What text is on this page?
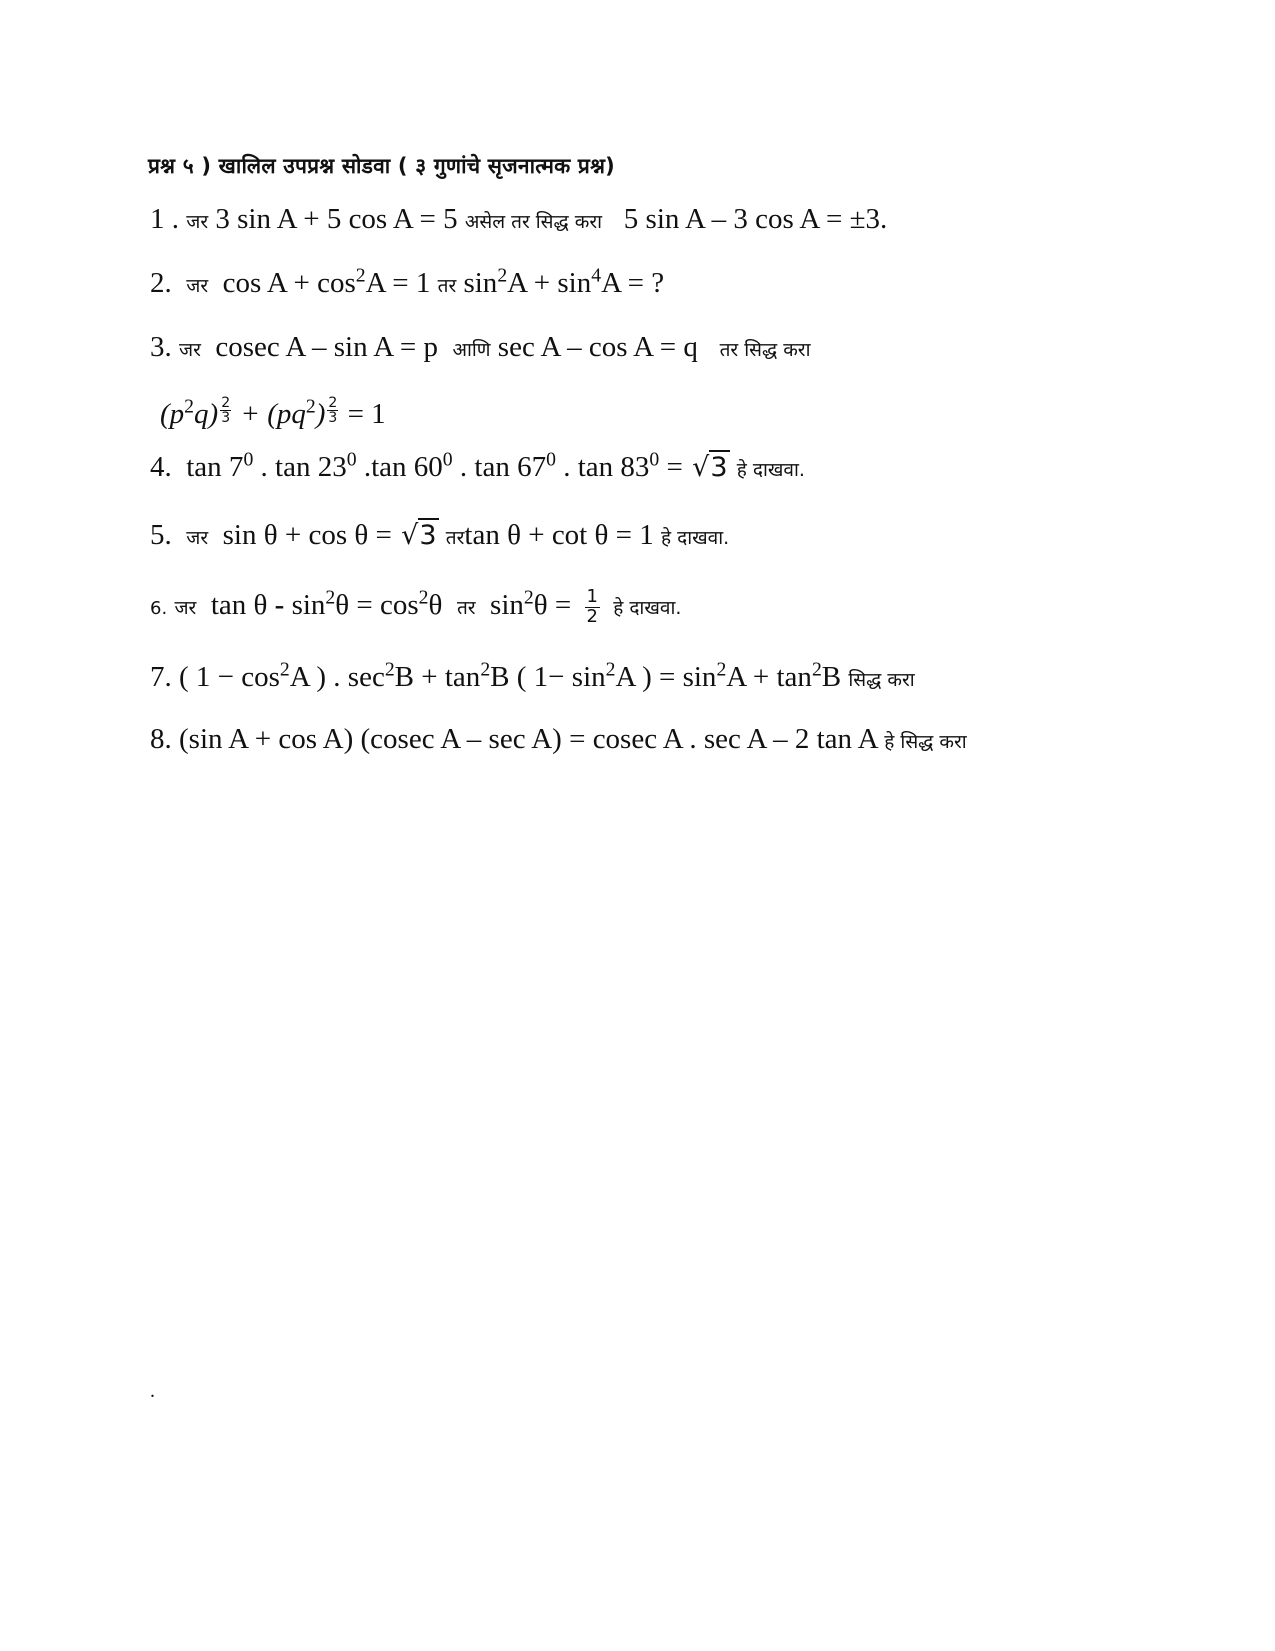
प्रश्न ५ ) खालिल उपप्रश्न सोडवा ( ३ गुणांचे सृजनात्मक प्रश्न)
1 . जर 3 sin A + 5 cos A = 5 असेल तर सिद्ध करा 5 sin A – 3 cos A = ±3.
2. जर $\cos A + \cos^2A = 1$ तर $\sin^2A + \sin^4A$ = ?
3. जर cosec A – sin A = p आणि sec A – cos A = q तर सिद्ध करा
$(p^2q) \frac{2}{3} + (pq^2) \frac{2}{3} = 1$
4. $\tan 7^0$ . $\tan 23^0$ .tan $60^0$ . $\tan 67^0$ . $\tan 83^0 = √3$ हे दाखवा.
5. जर sin θ + cos θ = √3 तरtan θ + cot θ = 1 हे दाखवा.
6. जर $\tan \theta - \sin^2\theta = \cos^2\theta$ तर $\sin^2\theta = \frac{1}{2}$ हे दाखवा.
7. ( $1 - \cos^2A$ ) . $\sec^2B + \tan^2B$ ( $1- \sin^2A$ ) = $\sin^2A + \tan^2B$ सिद्ध करा
8. (sin A + cos A) (cosec A – sec A) = cosec A . sec A – 2 tan A हे सिद्ध करा
.
